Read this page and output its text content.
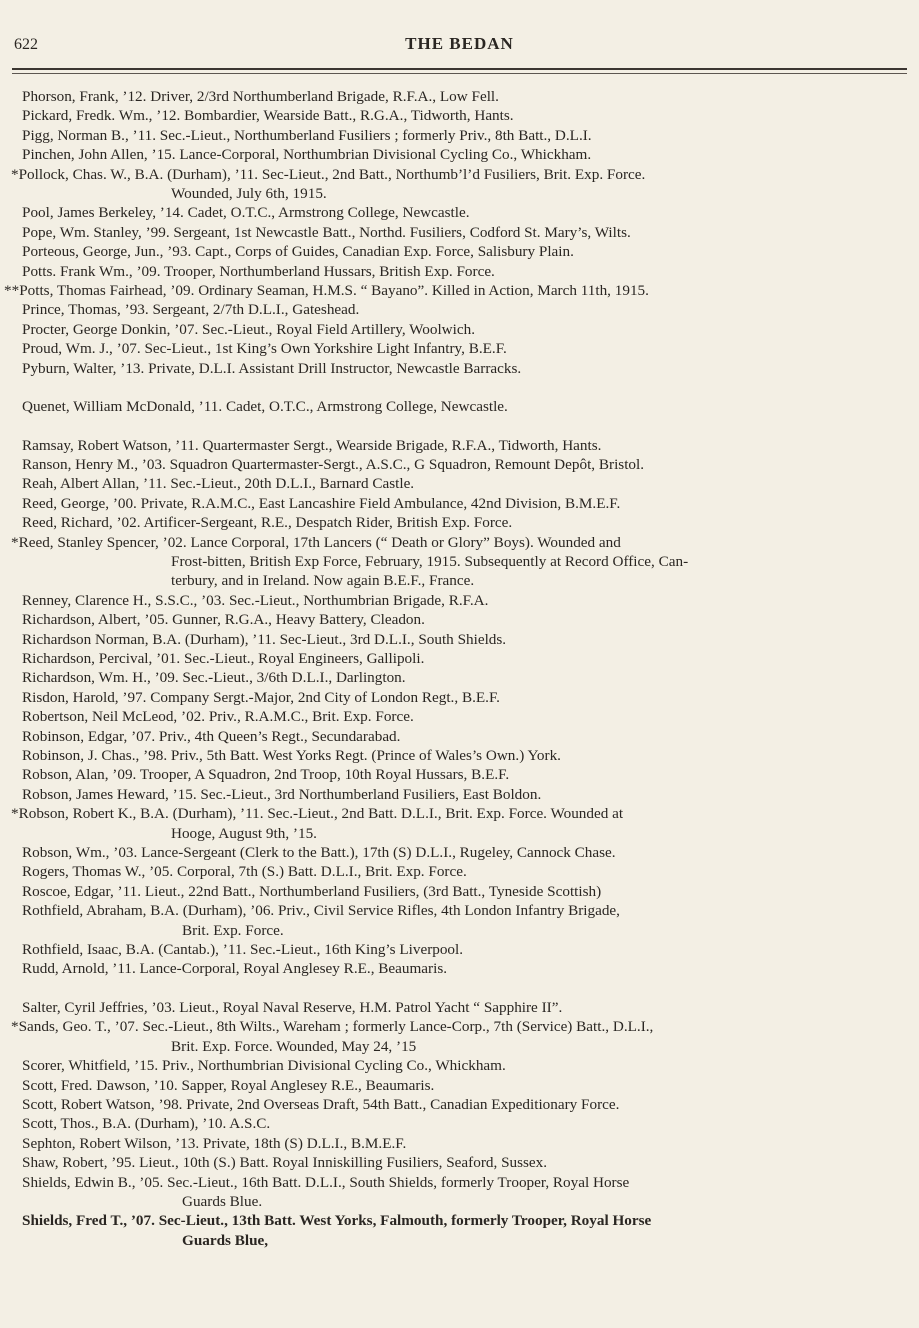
622	THE BEDAN
Phorson, Frank, ’12. Driver, 2/3rd Northumberland Brigade, R.F.A., Low Fell.
Pickard, Fredk. Wm., ’12. Bombardier, Wearside Batt., R.G.A., Tidworth, Hants.
Pigg, Norman B., ’11. Sec.-Lieut., Northumberland Fusiliers ; formerly Priv., 8th Batt., D.L.I.
Pinchen, John Allen, ’15. Lance-Corporal, Northumbrian Divisional Cycling Co., Whickham.
*Pollock, Chas. W., B.A. (Durham), ’11. Sec-Lieut., 2nd Batt., Northumb’l’d Fusiliers, Brit. Exp. Force.
Wounded, July 6th, 1915.
Pool, James Berkeley, ’14. Cadet, O.T.C., Armstrong College, Newcastle.
Pope, Wm. Stanley, ’99. Sergeant, 1st Newcastle Batt., Northd. Fusiliers, Codford St. Mary’s, Wilts.
Porteous, George, Jun., ’93. Capt., Corps of Guides, Canadian Exp. Force, Salisbury Plain.
Potts. Frank Wm., ’09. Trooper, Northumberland Hussars, British Exp. Force.
**Potts, Thomas Fairhead, ’09. Ordinary Seaman, H.M.S. “ Bayano”. Killed in Action, March 11th, 1915.
Prince, Thomas, ’93. Sergeant, 2/7th D.L.I., Gateshead.
Procter, George Donkin, ’07. Sec.-Lieut., Royal Field Artillery, Woolwich.
Proud, Wm. J., ’07. Sec-Lieut., 1st King’s Own Yorkshire Light Infantry, B.E.F.
Pyburn, Walter, ’13. Private, D.L.I. Assistant Drill Instructor, Newcastle Barracks.
Quenet, William McDonald, ’11. Cadet, O.T.C., Armstrong College, Newcastle.
Ramsay, Robert Watson, ’11. Quartermaster Sergt., Wearside Brigade, R.F.A., Tidworth, Hants.
Ranson, Henry M., ’03. Squadron Quartermaster-Sergt., A.S.C., G Squadron, Remount Depôt, Bristol.
Reah, Albert Allan, ’11. Sec.-Lieut., 20th D.L.I., Barnard Castle.
Reed, George, ’00. Private, R.A.M.C., East Lancashire Field Ambulance, 42nd Division, B.M.E.F.
Reed, Richard, ’02. Artificer-Sergeant, R.E., Despatch Rider, British Exp. Force.
*Reed, Stanley Spencer, ’02. Lance Corporal, 17th Lancers (“ Death or Glory” Boys). Wounded and
Frost-bitten, British Exp Force, February, 1915. Subsequently at Record Office, Can-
terbury, and in Ireland. Now again B.E.F., France.
Renney, Clarence H., S.S.C., ’03. Sec.-Lieut., Northumbrian Brigade, R.F.A.
Richardson, Albert, ’05. Gunner, R.G.A., Heavy Battery, Cleadon.
Richardson Norman, B.A. (Durham), ’11. Sec-Lieut., 3rd D.L.I., South Shields.
Richardson, Percival, ’01. Sec.-Lieut., Royal Engineers, Gallipoli.
Richardson, Wm. H., ’09. Sec.-Lieut., 3/6th D.L.I., Darlington.
Risdon, Harold, ’97. Company Sergt.-Major, 2nd City of London Regt., B.E.F.
Robertson, Neil McLeod, ’02. Priv., R.A.M.C., Brit. Exp. Force.
Robinson, Edgar, ’07. Priv., 4th Queen’s Regt., Secundarabad.
Robinson, J. Chas., ’98. Priv., 5th Batt. West Yorks Regt. (Prince of Wales’s Own.) York.
Robson, Alan, ’09. Trooper, A Squadron, 2nd Troop, 10th Royal Hussars, B.E.F.
Robson, James Heward, ’15. Sec.-Lieut., 3rd Northumberland Fusiliers, East Boldon.
*Robson, Robert K., B.A. (Durham), ’11. Sec.-Lieut., 2nd Batt. D.L.I., Brit. Exp. Force. Wounded at
Hooge, August 9th, ’15.
Robson, Wm., ’03. Lance-Sergeant (Clerk to the Batt.), 17th (S) D.L.I., Rugeley, Cannock Chase.
Rogers, Thomas W., ’05. Corporal, 7th (S.) Batt. D.L.I., Brit. Exp. Force.
Roscoe, Edgar, ’11. Lieut., 22nd Batt., Northumberland Fusiliers, (3rd Batt., Tyneside Scottish)
Rothfield, Abraham, B.A. (Durham), ’06. Priv., Civil Service Rifles, 4th London Infantry Brigade,
Brit. Exp. Force.
Rothfield, Isaac, B.A. (Cantab.), ’11. Sec.-Lieut., 16th King’s Liverpool.
Rudd, Arnold, ’11. Lance-Corporal, Royal Anglesey R.E., Beaumaris.
Salter, Cyril Jeffries, ’03. Lieut., Royal Naval Reserve, H.M. Patrol Yacht “ Sapphire II”.
*Sands, Geo. T., ’07. Sec.-Lieut., 8th Wilts., Wareham ; formerly Lance-Corp., 7th (Service) Batt., D.L.I.,
Brit. Exp. Force. Wounded, May 24, ’15
Scorer, Whitfield, ’15. Priv., Northumbrian Divisional Cycling Co., Whickham.
Scott, Fred. Dawson, ’10. Sapper, Royal Anglesey R.E., Beaumaris.
Scott, Robert Watson, ’98. Private, 2nd Overseas Draft, 54th Batt., Canadian Expeditionary Force.
Scott, Thos., B.A. (Durham), ’10. A.S.C.
Sephton, Robert Wilson, ’13. Private, 18th (S) D.L.I., B.M.E.F.
Shaw, Robert, ’95. Lieut., 10th (S.) Batt. Royal Inniskilling Fusiliers, Seaford, Sussex.
Shields, Edwin B., ’05. Sec.-Lieut., 16th Batt. D.L.I., South Shields, formerly Trooper, Royal Horse
Guards Blue.
Shields, Fred T., ’07. Sec-Lieut., 13th Batt. West Yorks, Falmouth, formerly Trooper, Royal Horse
Guards Blue,
